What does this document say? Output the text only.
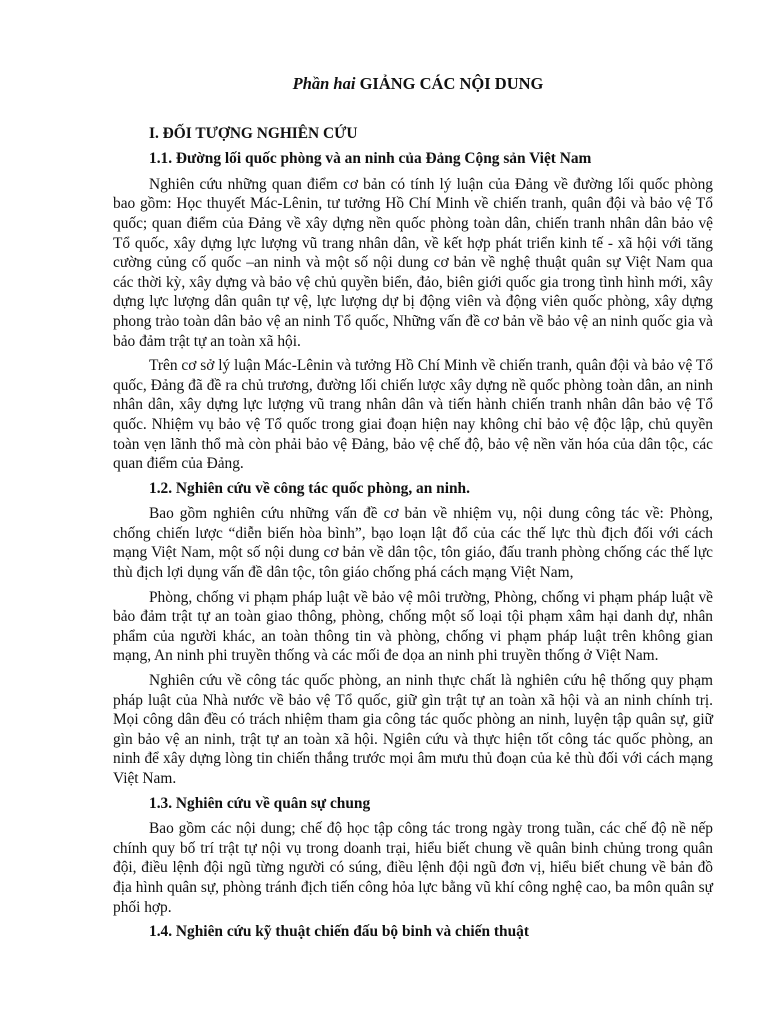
Phần hai GIẢNG CÁC NỘI DUNG
I. ĐỐI TƯỢNG NGHIÊN CỨU
1.1. Đường lối quốc phòng và an ninh của Đảng Cộng sản Việt Nam

Nghiên cứu những quan điểm cơ bản có tính lý luận của Đảng về đường lối quốc phòng bao gồm: Học thuyết Mác-Lênin, tư tưởng Hồ Chí Minh về chiến tranh, quân đội và bảo vệ Tổ quốc; quan điểm của Đảng về xây dựng nền quốc phòng toàn dân, chiến tranh nhân dân bảo vệ Tổ quốc, xây dựng lực lượng vũ trang nhân dân, về kết hợp phát triển kinh tế - xã hội với tăng cường củng cố quốc –an ninh và một số nội dung cơ bản về nghệ thuật quân sự Việt Nam qua các thời kỳ, xây dựng và bảo vệ chủ quyền biển, đảo, biên giới quốc gia trong tình hình mới, xây dựng lực lượng dân quân tự vệ, lực lượng dự bị động viên và động viên quốc phòng, xây dựng phong trào toàn dân bảo vệ an ninh Tổ quốc, Những vấn đề cơ bản về bảo vệ an ninh quốc gia và bảo đảm trật tự an toàn xã hội.

Trên cơ sở lý luận Mác-Lênin và tưởng Hồ Chí Minh về chiến tranh, quân đội và bảo vệ Tổ quốc, Đảng đã đề ra chủ trương, đường lối chiến lược xây dựng nề quốc phòng toàn dân, an ninh nhân dân, xây dựng lực lượng vũ trang nhân dân và tiến hành chiến tranh nhân dân bảo vệ Tổ quốc. Nhiệm vụ bảo vệ Tổ quốc trong giai đoạn hiện nay không chỉ bảo vệ độc lập, chủ quyền toàn vẹn lãnh thổ mà còn phải bảo vệ Đảng, bảo vệ chế độ, bảo vệ nền văn hóa của dân tộc, các quan điểm của Đảng.

1.2. Nghiên cứu về công tác quốc phòng, an ninh.

Bao gồm nghiên cứu những vấn đề cơ bản về nhiệm vụ, nội dung công tác về: Phòng, chống chiến lược “diễn biến hòa bình”, bạo loạn lật đổ của các thế lực thù địch đối với cách mạng Việt Nam, một số nội dung cơ bản về dân tộc, tôn giáo, đấu tranh phòng chống các thế lực thù địch lợi dụng vấn đề dân tộc, tôn giáo chống phá cách mạng Việt Nam,

Phòng, chống vi phạm pháp luật về bảo vệ môi trường, Phòng, chống vi phạm pháp luật về bảo đảm trật tự an toàn giao thông, phòng, chống một số loại tội phạm xâm hại danh dự, nhân phẩm của người khác, an toàn thông tin và phòng, chống vi phạm pháp luật trên không gian mạng, An ninh phi truyền thống và các mối đe dọa an ninh phi truyền thống ở Việt Nam.

Nghiên cứu về công tác quốc phòng, an ninh thực chất là nghiên cứu hệ thống quy phạm pháp luật của Nhà nước về bảo vệ Tổ quốc, giữ gìn trật tự an toàn xã hội và an ninh chính trị. Mọi công dân đều có trách nhiệm tham gia công tác quốc phòng an ninh, luyện tập quân sự, giữ gìn bảo vệ an ninh, trật tự an toàn xã hội. Ngiên cứu và thực hiện tốt công tác quốc phòng, an ninh để xây dựng lòng tin chiến thắng trước mọi âm mưu thủ đoạn của kẻ thù đối với cách mạng Việt Nam.

1.3. Nghiên cứu về quân sự chung

Bao gồm các nội dung; chế độ học tập công tác trong ngày trong tuần, các chế độ nề nếp chính quy bố trí trật tự nội vụ trong doanh trại, hiểu biết chung về quân binh chủng trong quân đội, điều lệnh đội ngũ từng người có súng, điều lệnh đội ngũ đơn vị, hiểu biết chung về bản đồ địa hình quân sự, phòng tránh địch tiến công hỏa lực bằng vũ khí công nghệ cao, ba môn quân sự phối hợp.

1.4. Nghiên cứu kỹ thuật chiến đấu bộ binh và chiến thuật
